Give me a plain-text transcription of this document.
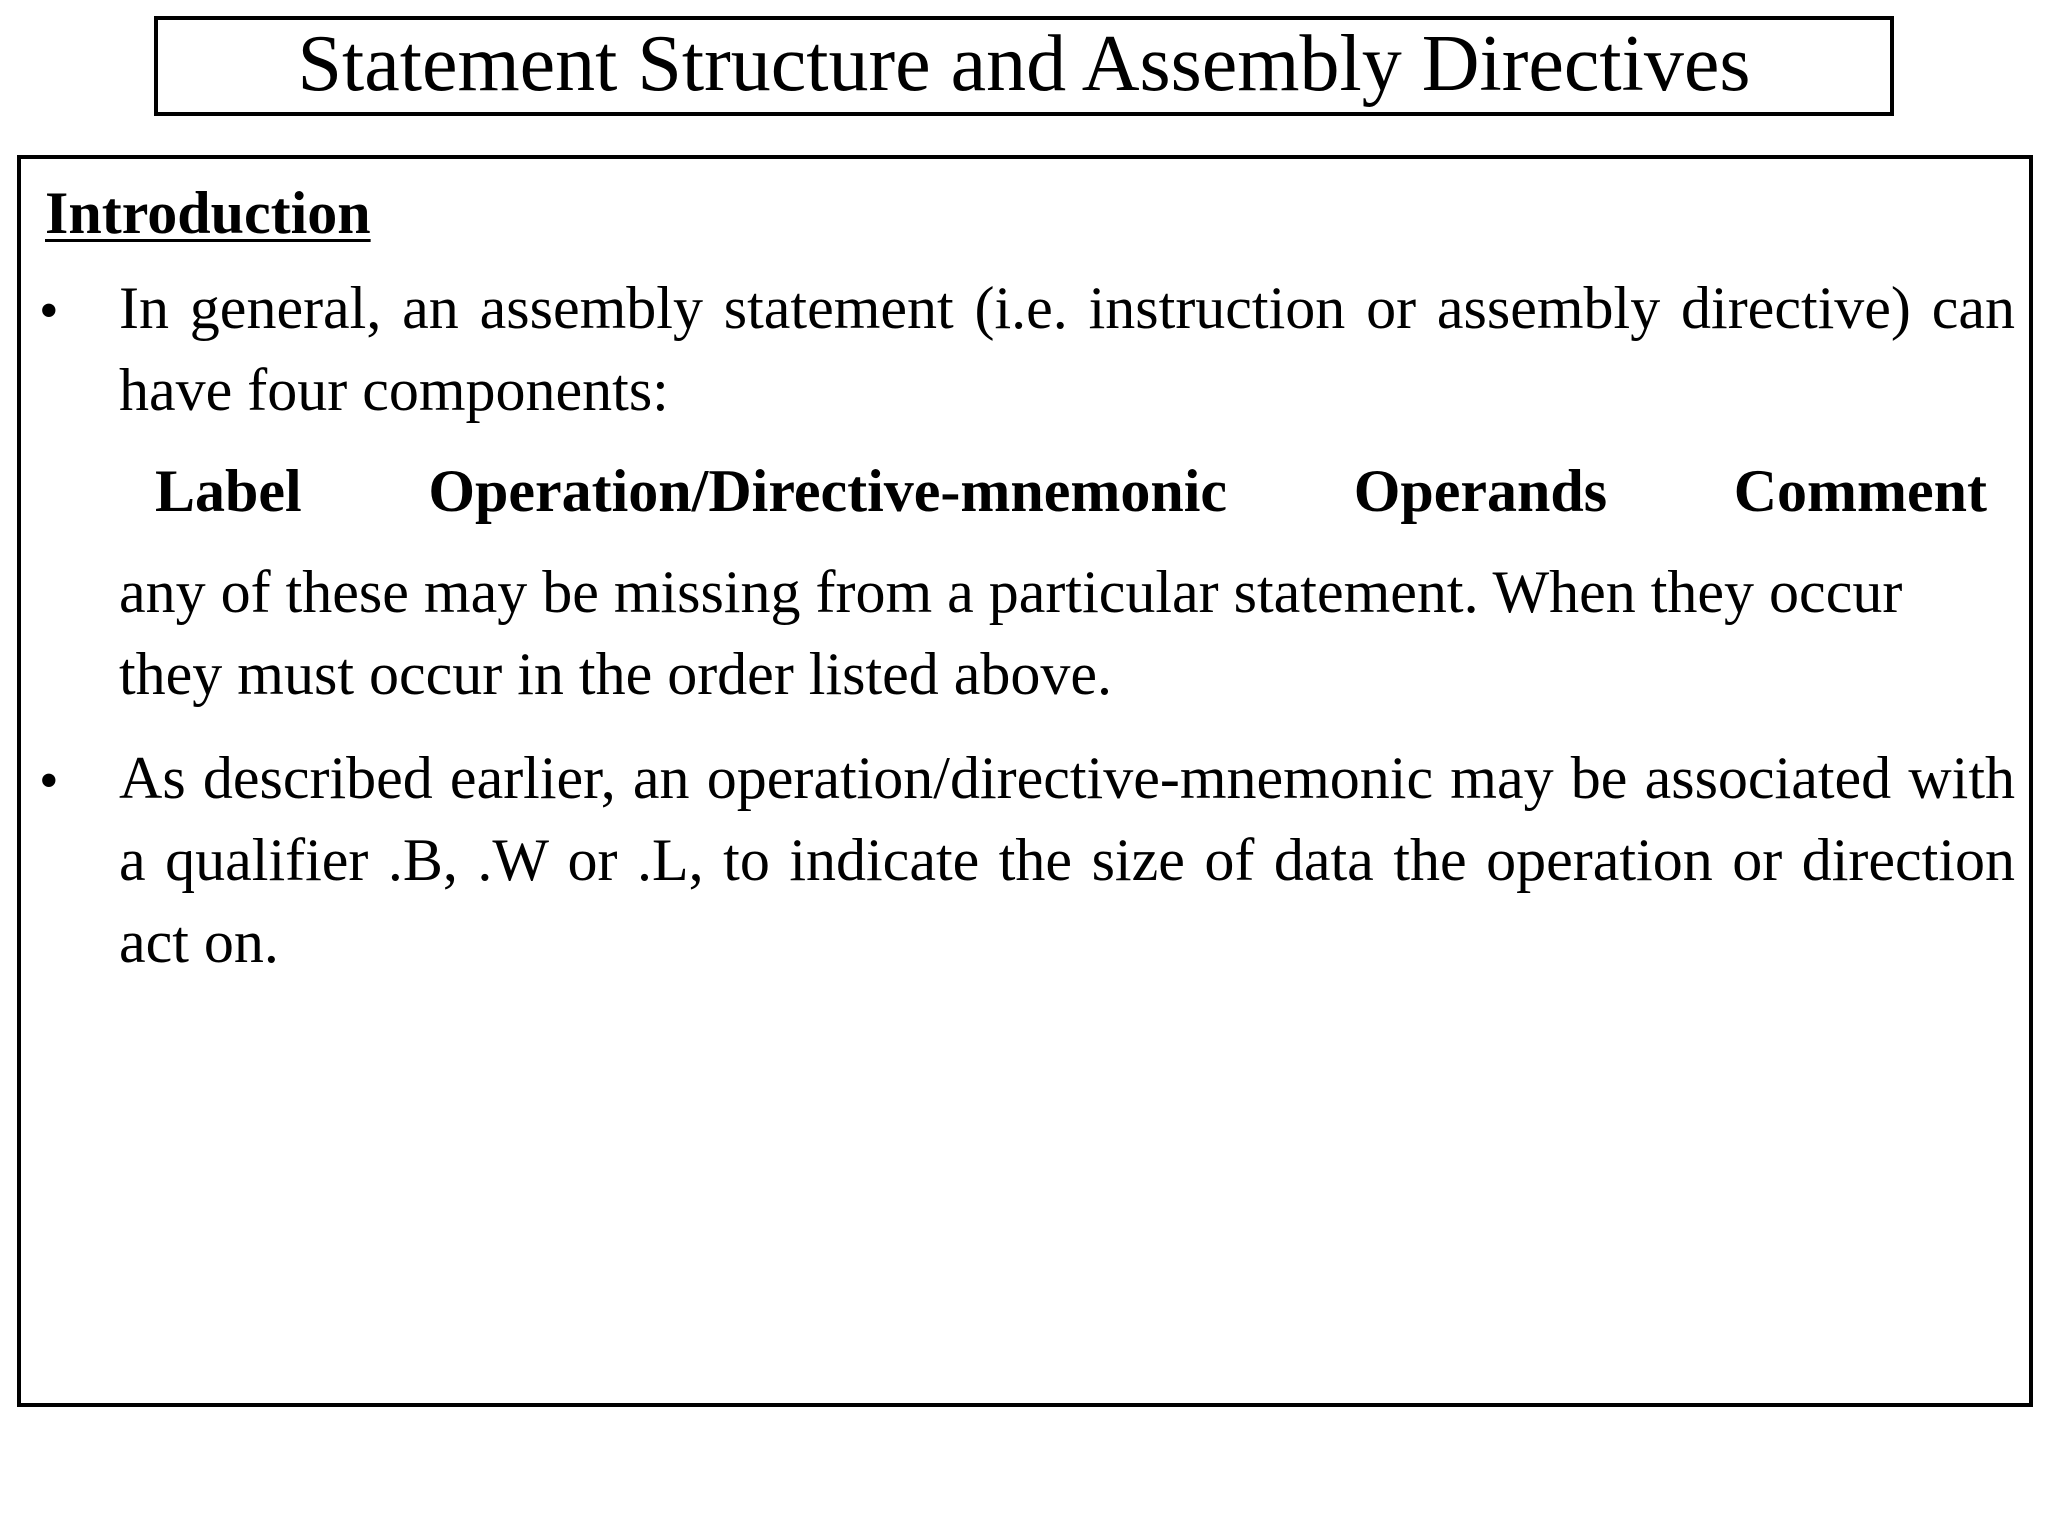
Statement Structure and Assembly Directives
Introduction
•	In general, an assembly statement (i.e. instruction or assembly directive) can have four components:
Label Operation/Directive-mnemonic Operands Comment
any of these may be missing from a particular statement. When they occur they must occur in the order listed above.
•	As described earlier, an operation/directive-mnemonic may be associated with a qualifier .B, .W or .L, to indicate the size of data the operation or direction act on.
